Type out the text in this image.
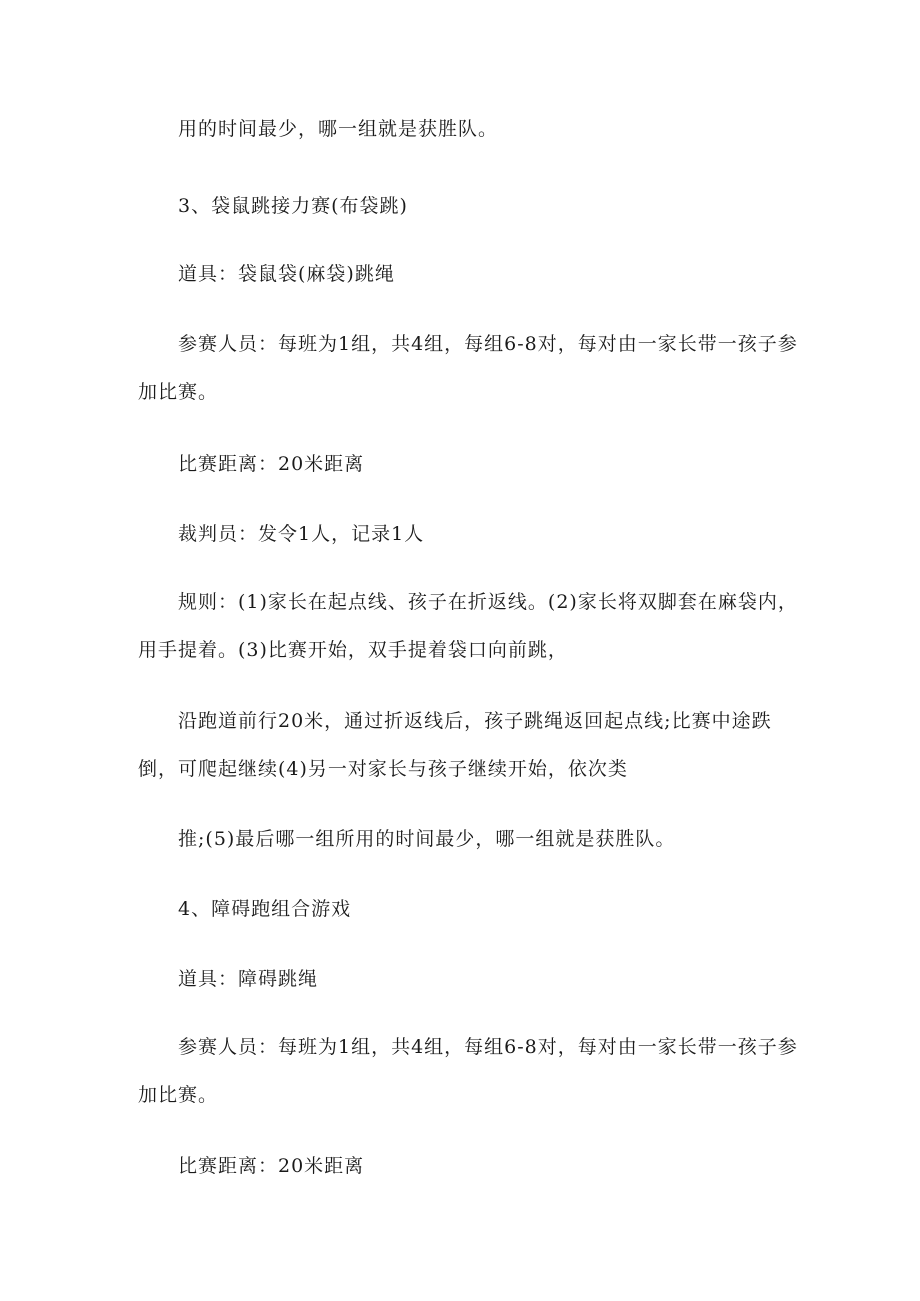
用的时间最少，哪一组就是获胜队。

3、袋鼠跳接力赛(布袋跳)

道具：袋鼠袋(麻袋)跳绳

参赛人员：每班为1组，共4组，每组6-8对，每对由一家长带一孩子参加比赛。

比赛距离：20米距离

裁判员：发令1人，记录1人

规则：(1)家长在起点线、孩子在折返线。(2)家长将双脚套在麻袋内，用手提着。(3)比赛开始，双手提着袋口向前跳，

沿跑道前行20米，通过折返线后，孩子跳绳返回起点线;比赛中途跌倒，可爬起继续(4)另一对家长与孩子继续开始，依次类

推;(5)最后哪一组所用的时间最少，哪一组就是获胜队。

4、障碍跑组合游戏

道具：障碍跳绳

参赛人员：每班为1组，共4组，每组6-8对，每对由一家长带一孩子参加比赛。

比赛距离：20米距离
